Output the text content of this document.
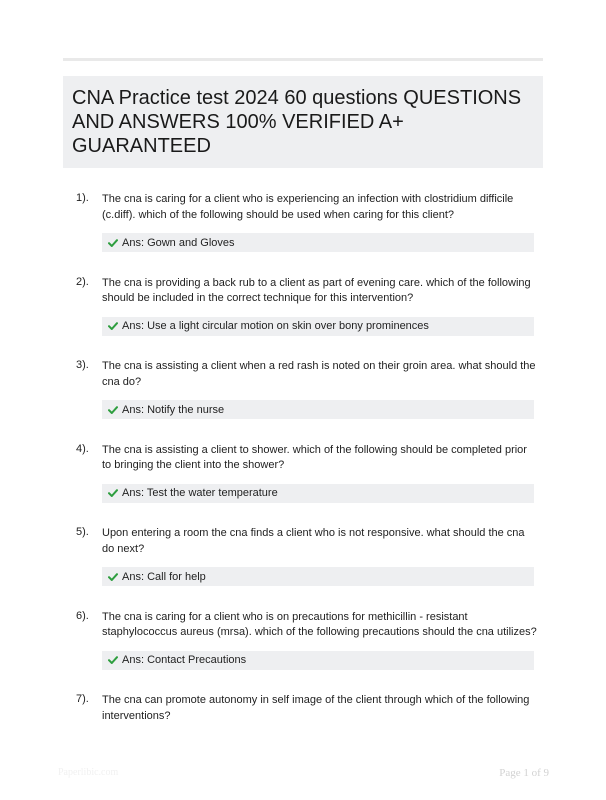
CNA Practice test 2024 60 questions QUESTIONS AND ANSWERS 100% VERIFIED A+ GUARANTEED
1). The cna is caring for a client who is experiencing an infection with clostridium difficile (c.diff). which of the following should be used when caring for this client?
Ans: Gown and Gloves
2). The cna is providing a back rub to a client as part of evening care. which of the following should be included in the correct technique for this intervention?
Ans: Use a light circular motion on skin over bony prominences
3). The cna is assisting a client when a red rash is noted on their groin area. what should the cna do?
Ans: Notify the nurse
4). The cna is assisting a client to shower. which of the following should be completed prior to bringing the client into the shower?
Ans: Test the water temperature
5). Upon entering a room the cna finds a client who is not responsive. what should the cna do next?
Ans: Call for help
6). The cna is caring for a client who is on precautions for methicillin - resistant staphylococcus aureus (mrsa). which of the following precautions should the cna utilizes?
Ans: Contact Precautions
7). The cna can promote autonomy in self image of the client through which of the following interventions?
Paperlibic.com	Page 1 of 9
